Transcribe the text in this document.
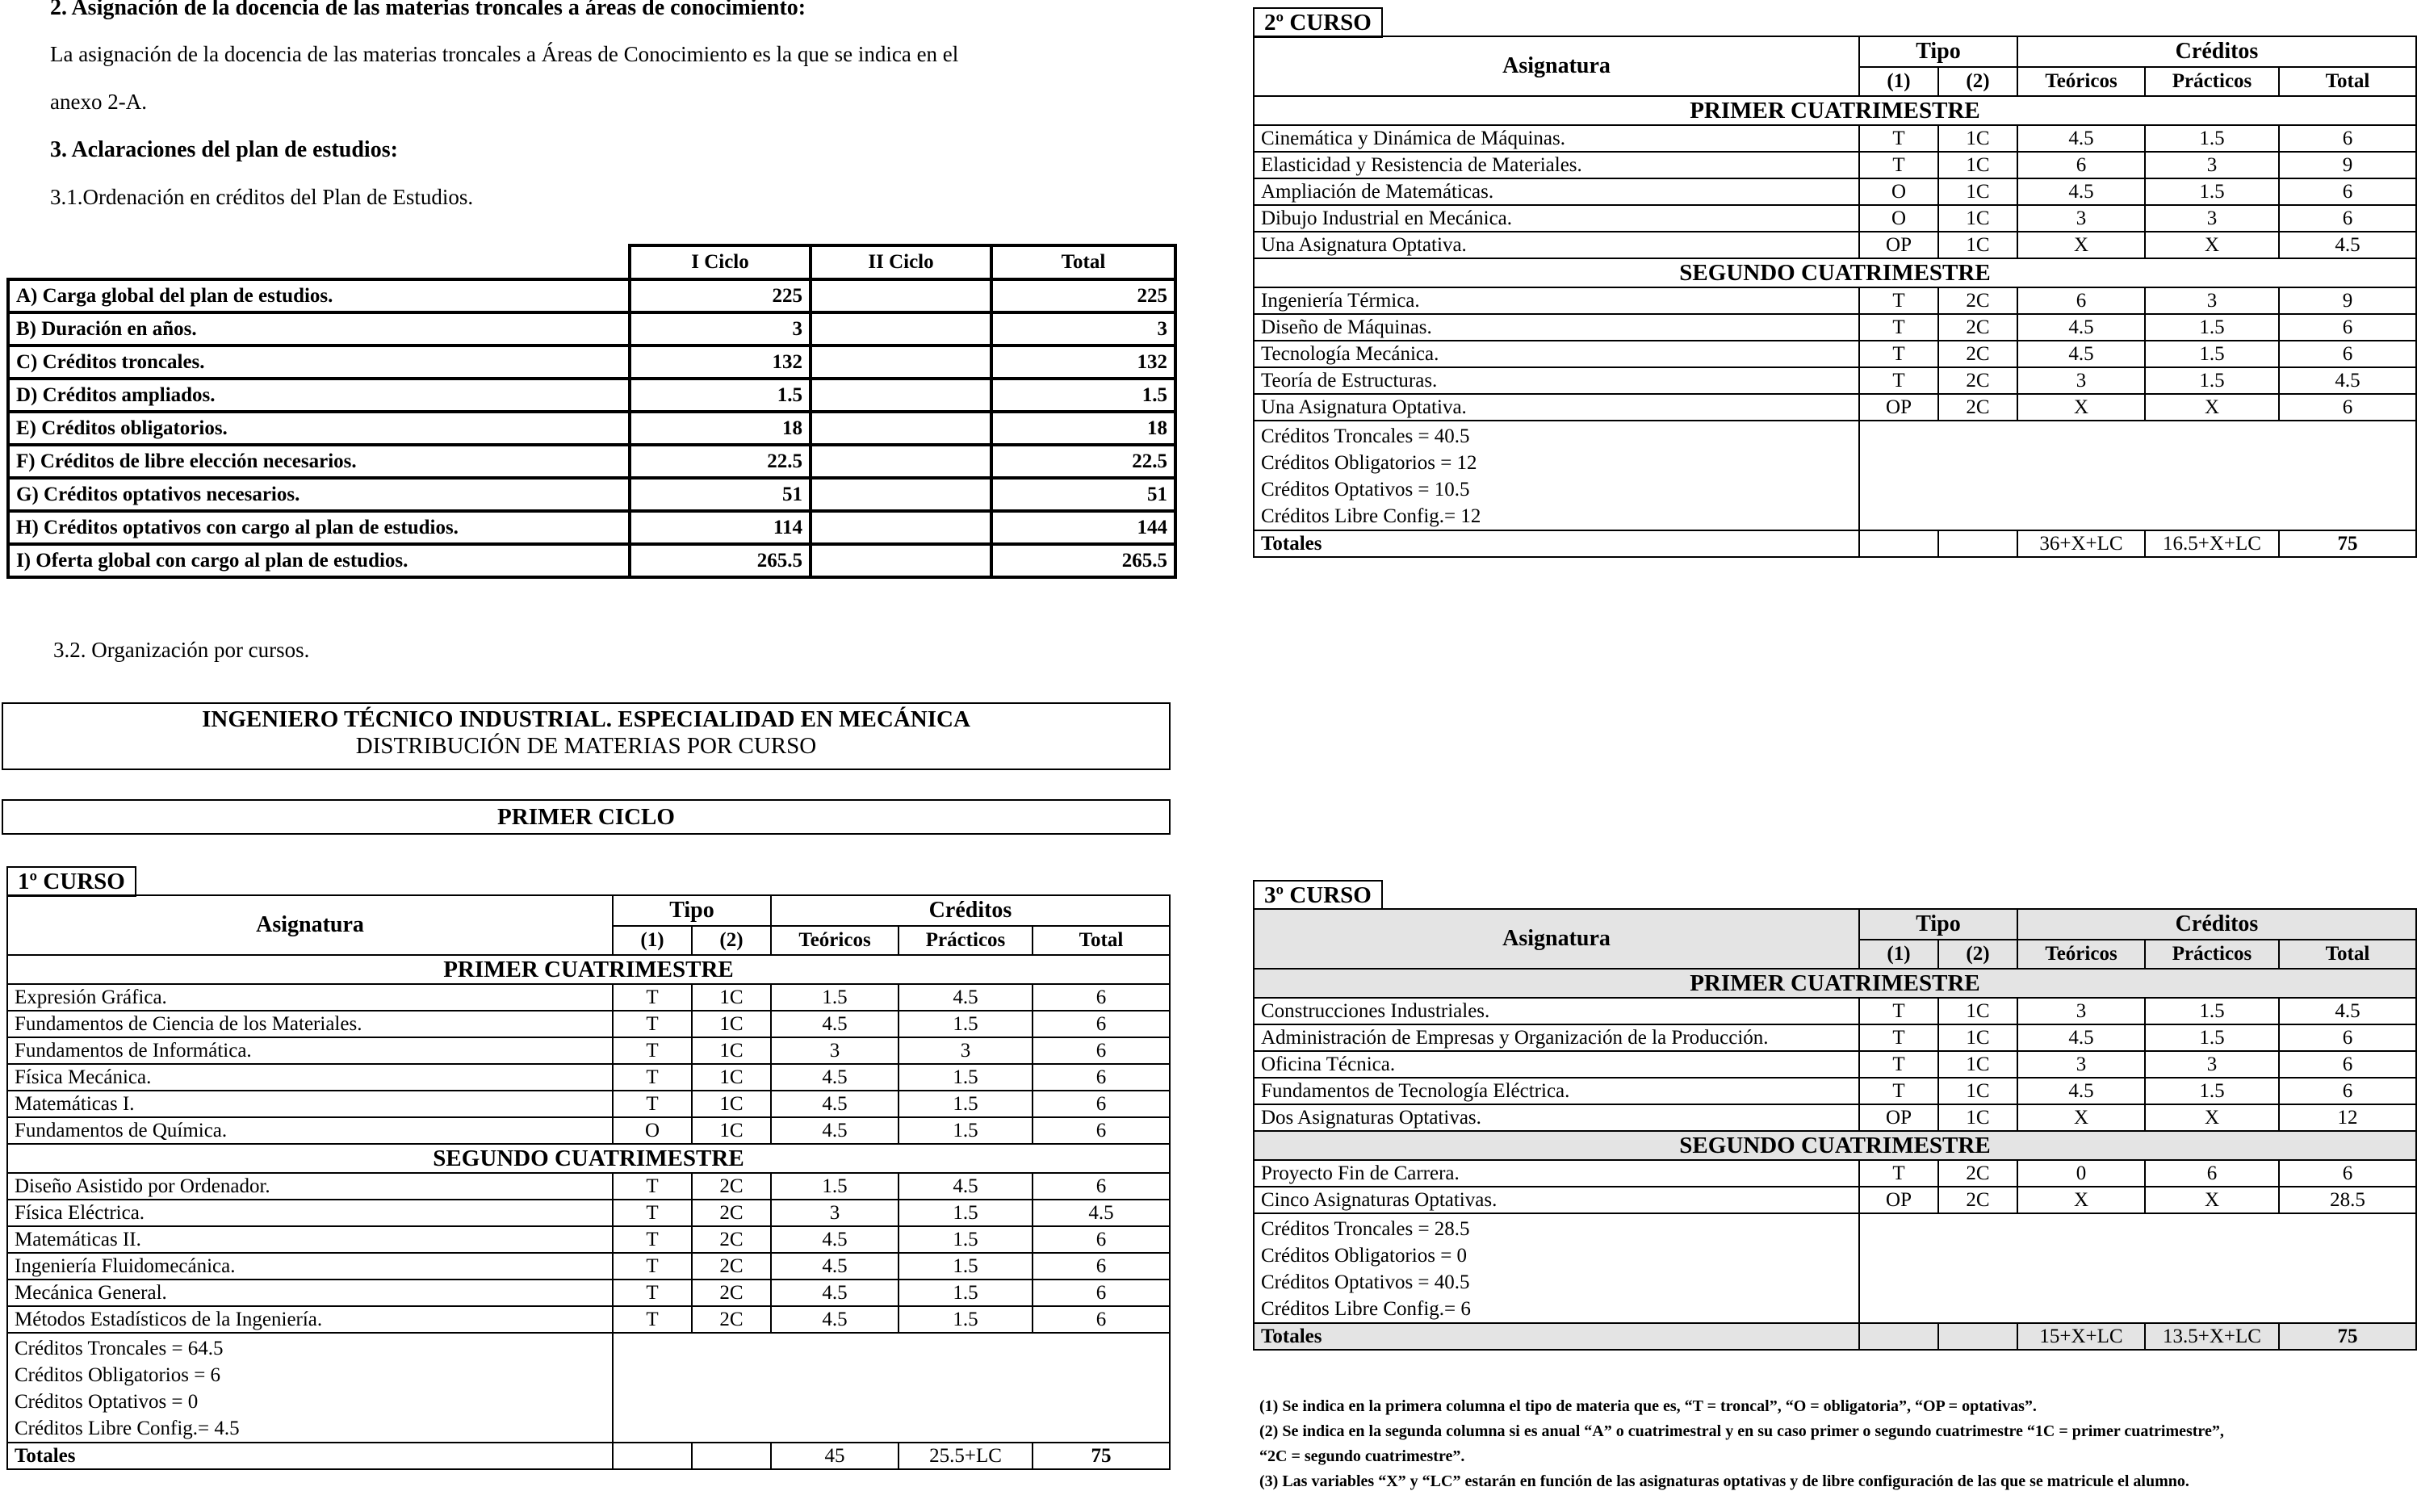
2. Asignación de la docencia de las materias troncales a áreas de conocimiento:
La asignación de la docencia de las materias troncales a Áreas de Conocimiento es la que se indica en el
anexo 2-A.
3. Aclaraciones del plan de estudios:
3.1.Ordenación en créditos del Plan de Estudios.
	I Ciclo	II Ciclo	Total
A) Carga global del plan de estudios.	225		225
B) Duración en años.	3		3
C) Créditos troncales.	132		132
D) Créditos ampliados.	1.5		1.5
E) Créditos obligatorios.	18		18
F) Créditos de libre elección necesarios.	22.5		22.5
G) Créditos optativos necesarios.	51		51
H) Créditos optativos con cargo al plan de estudios.	114		144
I) Oferta global con cargo al plan de estudios.	265.5		265.5
3.2. Organización por cursos.
INGENIERO TÉCNICO INDUSTRIAL. ESPECIALIDAD EN MECÁNICA
DISTRIBUCIÓN DE MATERIAS POR CURSO
PRIMER CICLO
1º CURSO
Asignatura	Tipo		Créditos		
	(1)	(2)	Teóricos	Prácticos	Total
PRIMER CUATRIMESTRE					
Expresión Gráfica.	T	1C	1.5	4.5	6
Fundamentos de Ciencia de los Materiales.	T	1C	4.5	1.5	6
Fundamentos de Informática.	T	1C	3	3	6
Física Mecánica.	T	1C	4.5	1.5	6
Matemáticas I.	T	1C	4.5	1.5	6
Fundamentos de Química.	O	1C	4.5	1.5	6
SEGUNDO CUATRIMESTRE					
Diseño Asistido por Ordenador.	T	2C	1.5	4.5	6
Física Eléctrica.	T	2C	3	1.5	4.5
Matemáticas II.	T	2C	4.5	1.5	6
Ingeniería Fluidomecánica.	T	2C	4.5	1.5	6
Mecánica General.	T	2C	4.5	1.5	6
Métodos Estadísticos de la Ingeniería.	T	2C	4.5	1.5	6

Créditos Troncales = 64.5
Créditos Obligatorios = 6
Créditos Optativos = 0
Créditos Libre Config.= 4.5					

Totales			45	25.5+LC	75
2º CURSO
Asignatura	Tipo		Créditos		
	(1)	(2)	Teóricos	Prácticos	Total
PRIMER CUATRIMESTRE					
Cinemática y Dinámica de Máquinas.	T	1C	4.5	1.5	6
Elasticidad y Resistencia de Materiales.	T	1C	6	3	9
Ampliación de Matemáticas.	O	1C	4.5	1.5	6
Dibujo Industrial en Mecánica.	O	1C	3	3	6
Una Asignatura Optativa.	OP	1C	X	X	4.5
SEGUNDO CUATRIMESTRE					
Ingeniería Térmica.	T	2C	6	3	9
Diseño de Máquinas.	T	2C	4.5	1.5	6
Tecnología Mecánica.	T	2C	4.5	1.5	6
Teoría de Estructuras.	T	2C	3	1.5	4.5
Una Asignatura Optativa.	OP	2C	X	X	6

Créditos Troncales = 40.5
Créditos Obligatorios = 12
Créditos Optativos = 10.5
Créditos Libre Config.= 12					

Totales			36+X+LC	16.5+X+LC	75
3º CURSO
Asignatura	Tipo		Créditos		
	(1)	(2)	Teóricos	Prácticos	Total
PRIMER CUATRIMESTRE					
Construcciones Industriales.	T	1C	3	1.5	4.5
Administración de Empresas y Organización de la Producción.	T	1C	4.5	1.5	6
Oficina Técnica.	T	1C	3	3	6
Fundamentos de Tecnología Eléctrica.	T	1C	4.5	1.5	6
Dos Asignaturas Optativas.	OP	1C	X	X	12
SEGUNDO CUATRIMESTRE					
Proyecto Fin de Carrera.	T	2C	0	6	6
Cinco Asignaturas Optativas.	OP	2C	X	X	28.5

Créditos Troncales = 28.5
Créditos Obligatorios = 0
Créditos Optativos = 40.5
Créditos Libre Config.= 6					

Totales			15+X+LC	13.5+X+LC	75
(1) Se indica en la primera columna el tipo de materia que es, “T = troncal”, “O = obligatoria”, “OP = optativas”.
(2) Se indica en la segunda columna si es anual “A” o cuatrimestral y en su caso primer o segundo cuatrimestre “1C = primer cuatrimestre”,
“2C = segundo cuatrimestre”.
(3) Las variables “X” y “LC” estarán en función de las asignaturas optativas y de libre configuración de las que se matricule el alumno.
